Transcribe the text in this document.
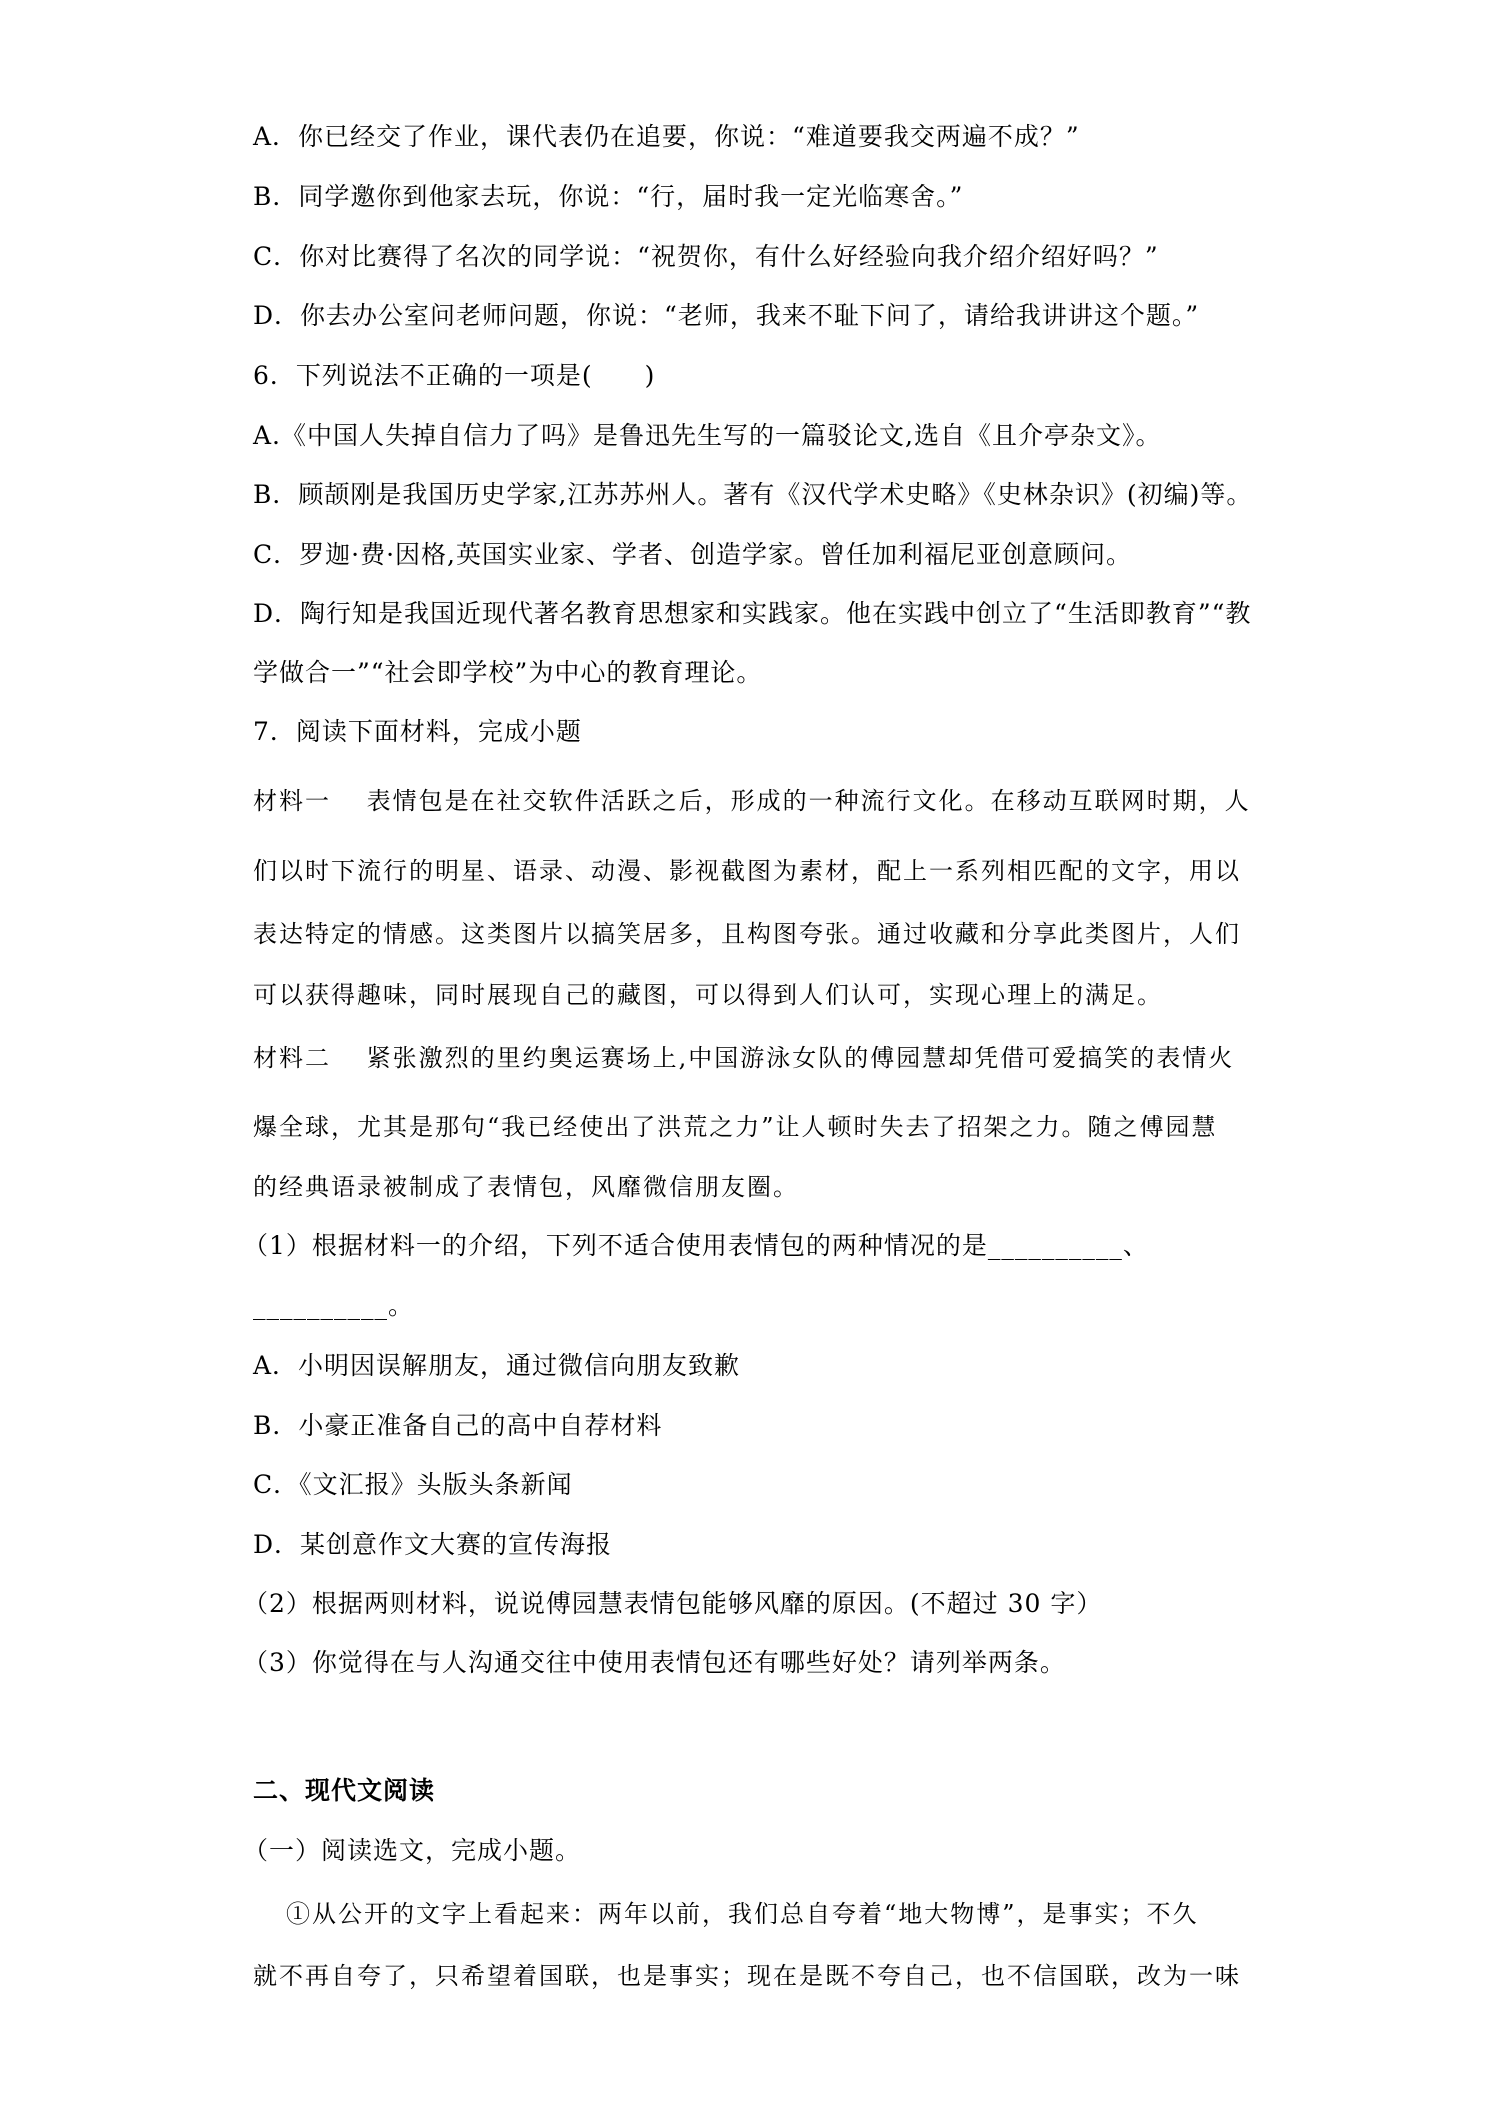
A．你已经交了作业，课代表仍在追要，你说：“难道要我交两遍不成？”
B．同学邀你到他家去玩，你说：“行，届时我一定光临寒舍。”
C．你对比赛得了名次的同学说：“祝贺你，有什么好经验向我介绍介绍好吗？”
D．你去办公室问老师问题，你说：“老师，我来不耻下问了，请给我讲讲这个题。”
6．下列说法不正确的一项是(　　)
A.《中国人失掉自信力了吗》是鲁迅先生写的一篇驳论文,选自《且介亭杂文》。
B．顾颉刚是我国历史学家,江苏苏州人。著有《汉代学术史略》《史林杂识》(初编)等。
C．罗迦·费·因格,英国实业家、学者、创造学家。曾任加利福尼亚创意顾问。
D．陶行知是我国近现代著名教育思想家和实践家。他在实践中创立了“生活即教育”“教
学做合一”“社会即学校”为中心的教育理论。
7．阅读下面材料，完成小题
材料一　 表情包是在社交软件活跃之后，形成的一种流行文化。在移动互联网时期，人
们以时下流行的明星、语录、动漫、影视截图为素材，配上一系列相匹配的文字，用以
表达特定的情感。这类图片以搞笑居多，且构图夸张。通过收藏和分享此类图片，人们
可以获得趣味，同时展现自己的藏图，可以得到人们认可，实现心理上的满足。
材料二　 紧张激烈的里约奥运赛场上,中国游泳女队的傅园慧却凭借可爱搞笑的表情火
爆全球，尤其是那句“我已经使出了洪荒之力”让人顿时失去了招架之力。随之傅园慧
的经典语录被制成了表情包，风靡微信朋友圈。
（1）根据材料一的介绍，下列不适合使用表情包的两种情况的是__________、
__________。
A．小明因误解朋友，通过微信向朋友致歉
B．小豪正准备自己的高中自荐材料
C．《文汇报》头版头条新闻
D．某创意作文大赛的宣传海报
（2）根据两则材料，说说傅园慧表情包能够风靡的原因。(不超过 30 字）
（3）你觉得在与人沟通交往中使用表情包还有哪些好处？请列举两条。
二、现代文阅读
（一）阅读选文，完成小题。
①从公开的文字上看起来：两年以前，我们总自夸着“地大物博”，是事实；不久
就不再自夸了，只希望着国联，也是事实；现在是既不夸自己，也不信国联，改为一味
